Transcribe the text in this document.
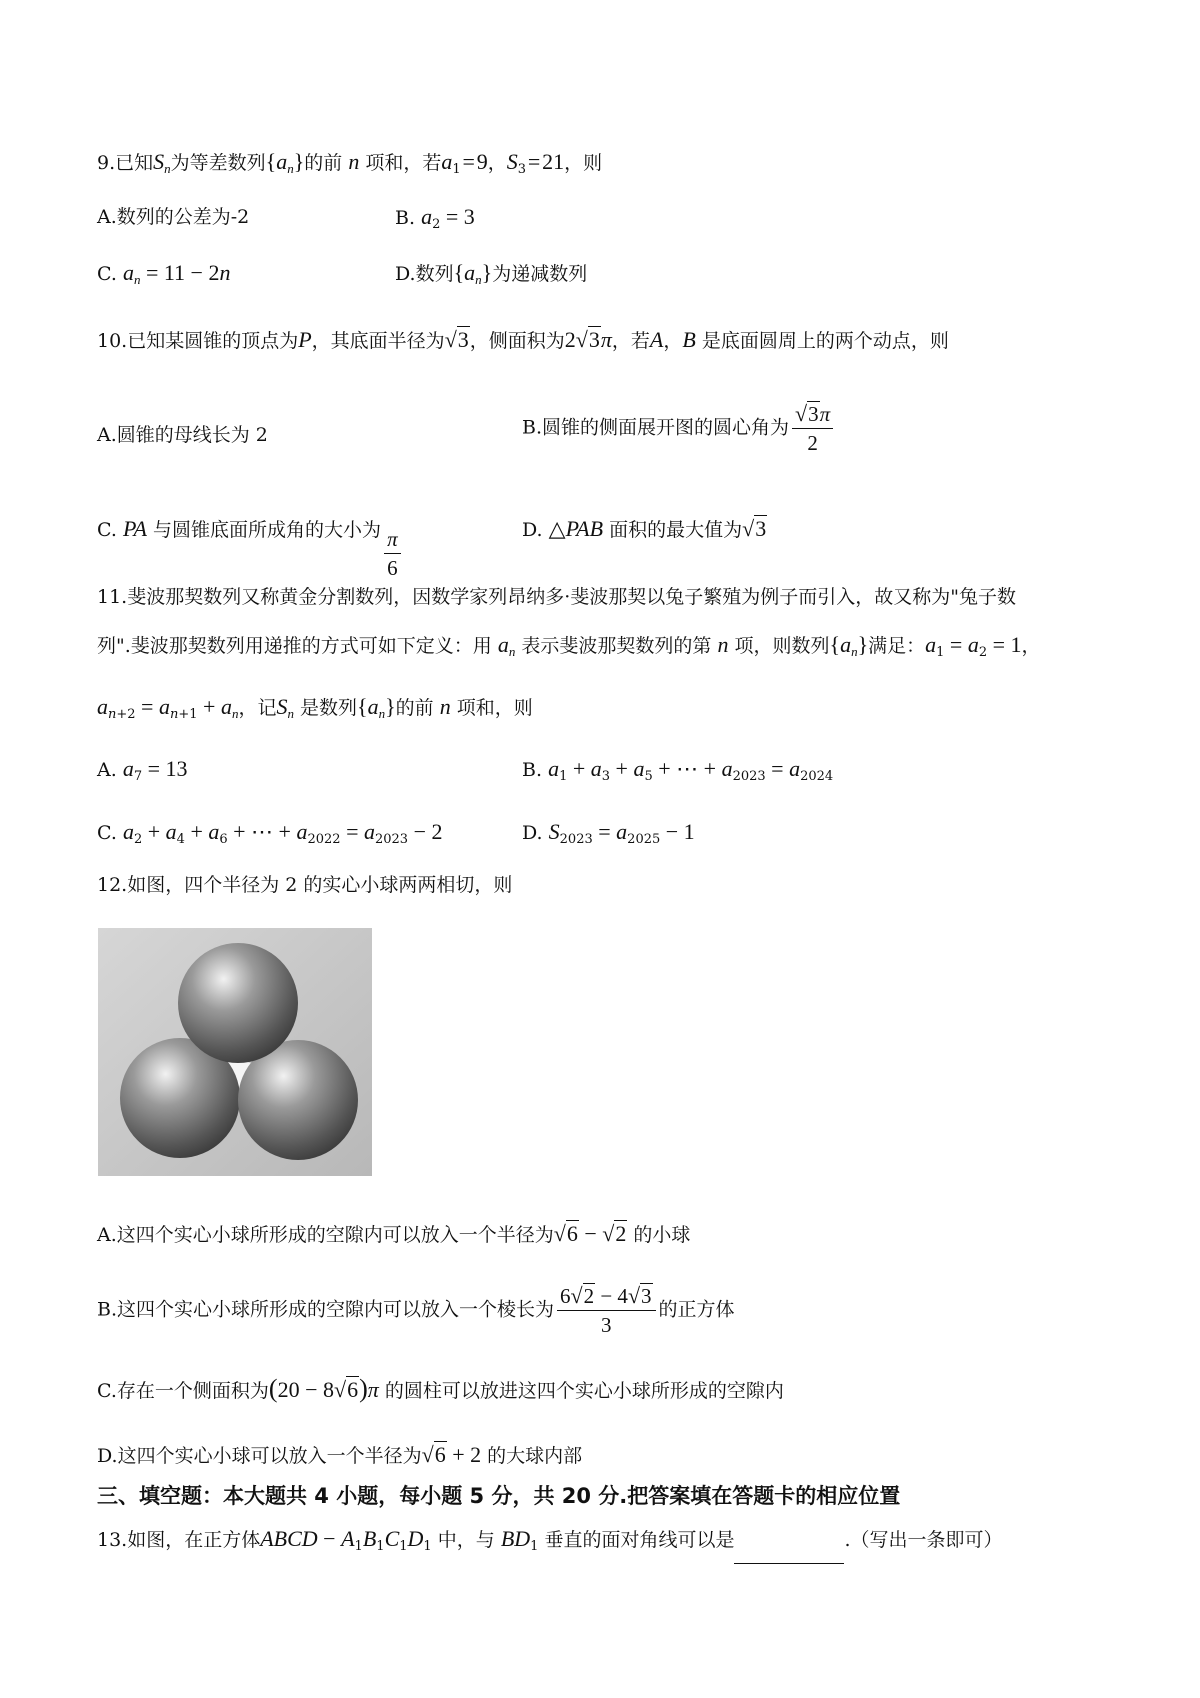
9.已知$S_n$为等差数列$\{a_n\}$的前 n 项和，若$a_1$ = 9，$S_3$ = 21，则
A.数列的公差为-2	B. $a_2 = 3$
C. $a_n = 11 - 2n$	D.数列$\{a_n\}$为递减数列
10.已知某圆锥的顶点为P，其底面半径为√3，侧面积为2√3π，若A，B 是底面圆周上的两个动点，则
A.圆锥的母线长为 2	B.圆锥的侧面展开图的圆心角为 $\frac{√3\pi}{2}$
C. PA 与圆锥底面所成角的大小为 $\frac{\pi}{6}$	D. △PAB 面积的最大值为√3
11.斐波那契数列又称黄金分割数列，因数学家列昂纳多·斐波那契以兔子繁殖为例子而引入，故又称为"兔子数
列".斐波那契数列用递推的方式可如下定义：用 $a_n$ 表示斐波那契数列的第 n 项，则数列$\{a_n\}$满足：$a_1 = a_2 = 1$，
$a_{n+2} = a_{n+1} + a_n$，记$S_n$ 是数列$\{a_n\}$的前 n 项和，则
A. $a_7 = 13$	B. $a_1 + a_3 + a_5$ + ⋯ + $a_{2023} = a_{2024}$
C. $a_2 + a_4 + a_6$ + ⋯ + $a_{2022} = a_{2023} - 2$	D. $S_{2023} = a_{2025} - 1$
12.如图，四个半径为 2 的实心小球两两相切，则
A.这四个实心小球所形成的空隙内可以放入一个半径为√6 − √2 的小球
B.这四个实心小球所形成的空隙内可以放入一个棱长为 $\frac{6√2 - 4√3}{3}$ 的正方体
C.存在一个侧面积为(20 − 8√6)π 的圆柱可以放进这四个实心小球所形成的空隙内
D.这四个实心小球可以放入一个半径为√6 + 2 的大球内部
三、填空题：本大题共 4 小题，每小题 5 分，共 20 分.把答案填在答题卡的相应位置
13.如图，在正方体ABCD − $A_1B_1C_1D_1$ 中，与 $BD_1$ 垂直的面对角线可以是	.（写出一条即可）
